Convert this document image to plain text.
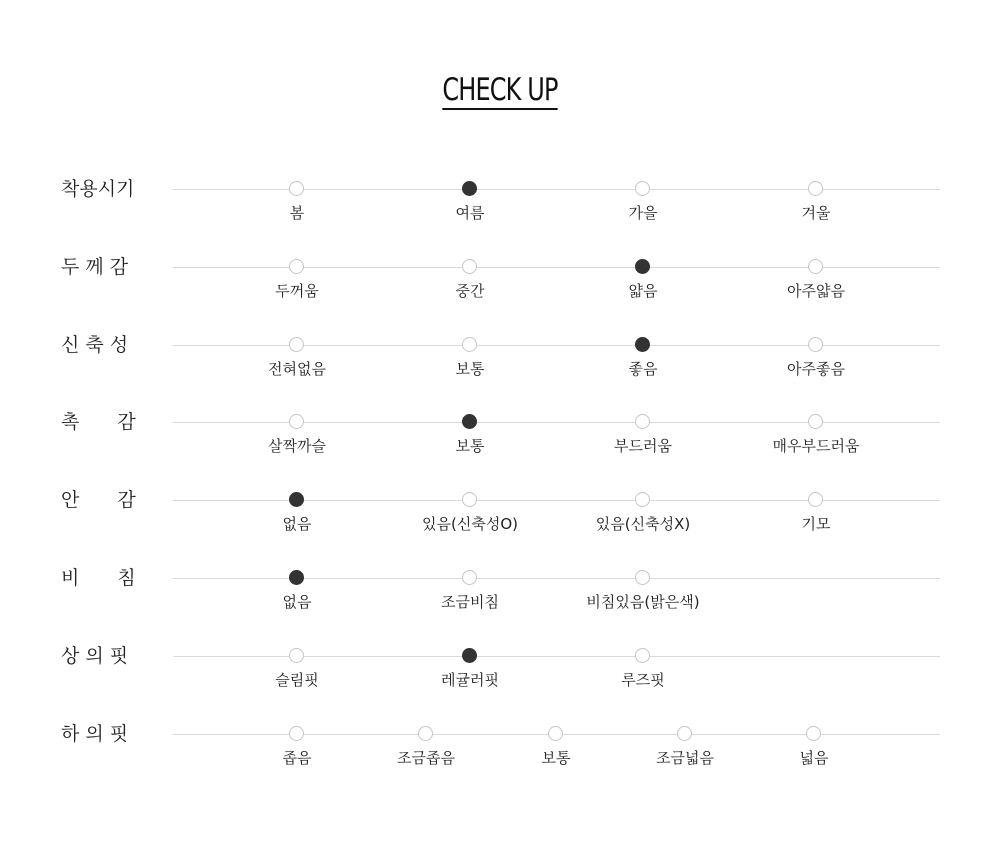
CHECK UP
착용시기
봄	여름	가을	겨울
두 께 감
두꺼움	중간	얇음	아주얇음
신 축 성
전혀없음	보통	좋음	아주좋음
촉　　감
살짝까슬	보통	부드러움	매우부드러움
안　　감
없음	있음(신축성O)	있음(신축성X)	기모
비　　침
없음	조금비침	비침있음(밝은색)
상 의 핏
슬림핏	레귤러핏	루즈핏
하 의 핏
좁음	조금좁음	보통	조금넓음	넓음
